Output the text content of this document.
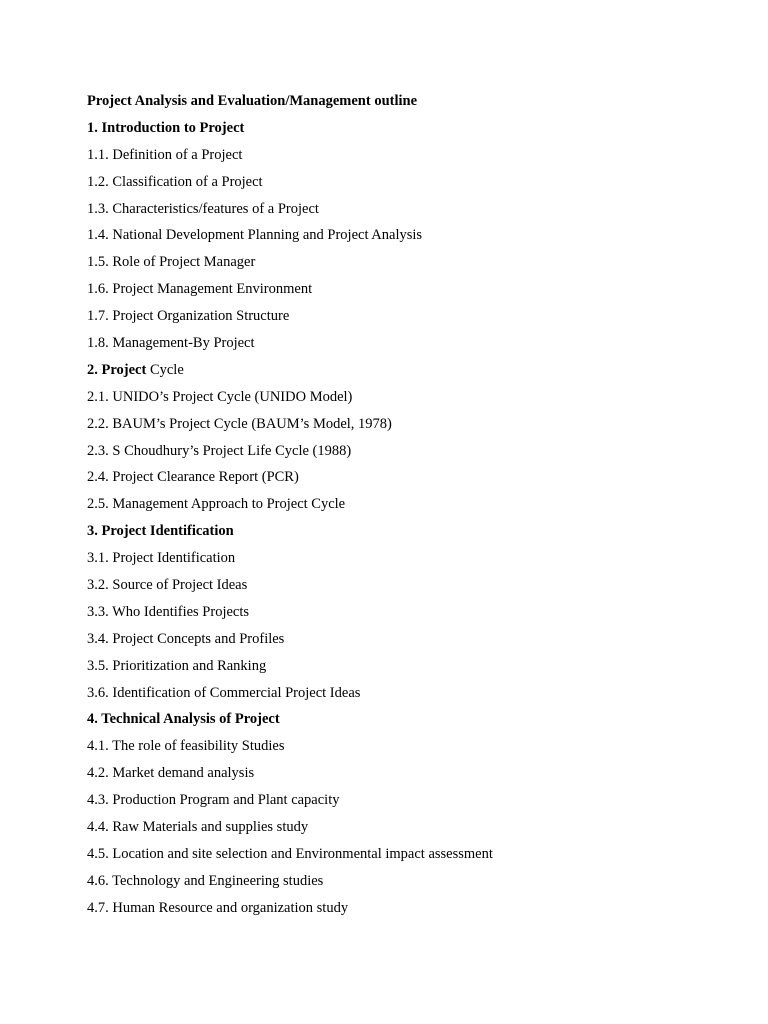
Project Analysis and Evaluation/Management outline
1. Introduction to Project
1.1. Definition of a Project
1.2. Classification of a Project
1.3. Characteristics/features of a Project
1.4. National Development Planning and Project Analysis
1.5. Role of Project Manager
1.6. Project Management Environment
1.7. Project Organization Structure
1.8. Management-By Project
2. Project Cycle
2.1. UNIDO’s Project Cycle (UNIDO Model)
2.2. BAUM’s Project Cycle (BAUM’s Model, 1978)
2.3. S Choudhury’s Project Life Cycle (1988)
2.4. Project Clearance Report (PCR)
2.5. Management Approach to Project Cycle
3. Project Identification
3.1. Project Identification
3.2. Source of Project Ideas
3.3. Who Identifies Projects
3.4. Project Concepts and Profiles
3.5. Prioritization and Ranking
3.6. Identification of Commercial Project Ideas
4. Technical Analysis of Project
4.1. The role of feasibility Studies
4.2. Market demand analysis
4.3. Production Program and Plant capacity
4.4. Raw Materials and supplies study
4.5. Location and site selection and Environmental impact assessment
4.6. Technology and Engineering studies
4.7. Human Resource and organization study
